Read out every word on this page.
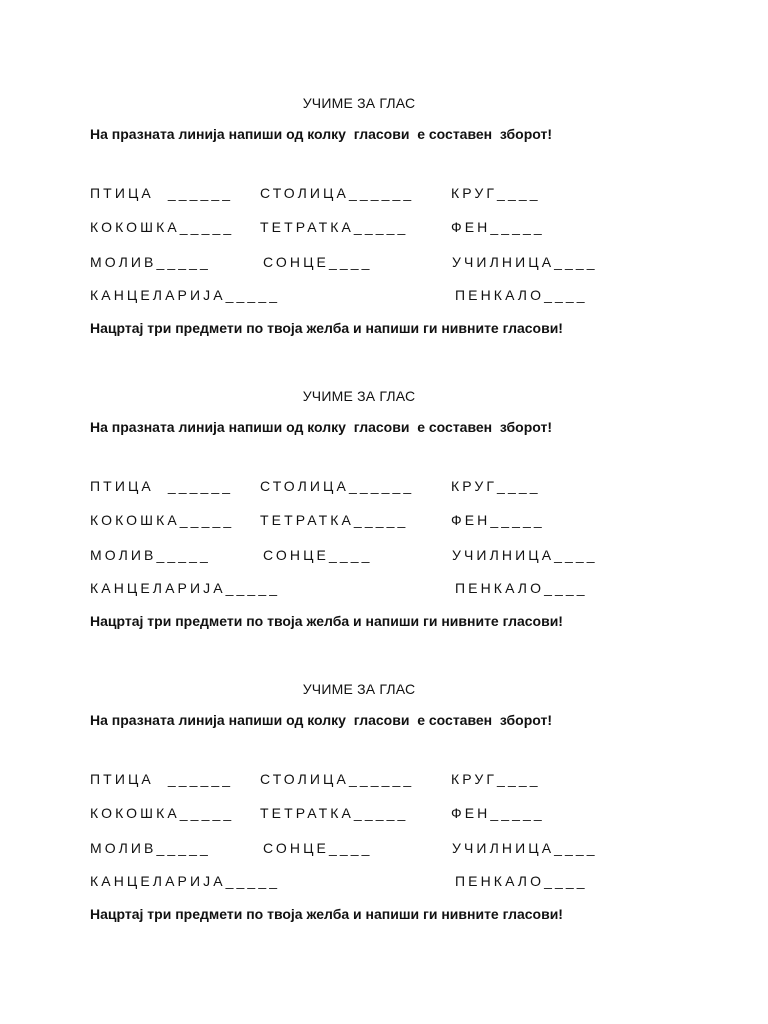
УЧИМЕ ЗА ГЛАС
На празната линија напиши од колку  гласови  е составен  зборот!
ПТИЦА  ______ СТОЛИЦА______	КРУГ____
КОКОШКА_____ ТЕТРАТКА_____	ФЕН_____
МОЛИВ_____	СОНЦЕ____	УЧИЛНИЦА____
КАНЦЕЛАРИЈА_____	ПЕНКАЛО____
Нацртај три предмети по твоја желба и напиши ги нивните гласови!
УЧИМЕ ЗА ГЛАС
На празната линија напиши од колку  гласови  е составен  зборот!
ПТИЦА  ______ СТОЛИЦА______	КРУГ____
КОКОШКА_____ ТЕТРАТКА_____	ФЕН_____
МОЛИВ_____	СОНЦЕ____	УЧИЛНИЦА____
КАНЦЕЛАРИЈА_____	ПЕНКАЛО____
Нацртај три предмети по твоја желба и напиши ги нивните гласови!
УЧИМЕ ЗА ГЛАС
На празната линија напиши од колку  гласови  е составен  зборот!
ПТИЦА  ______ СТОЛИЦА______	КРУГ____
КОКОШКА_____ ТЕТРАТКА_____	ФЕН_____
МОЛИВ_____	СОНЦЕ____	УЧИЛНИЦА____
КАНЦЕЛАРИЈА_____	ПЕНКАЛО____
Нацртај три предмети по твоја желба и напиши ги нивните гласови!
